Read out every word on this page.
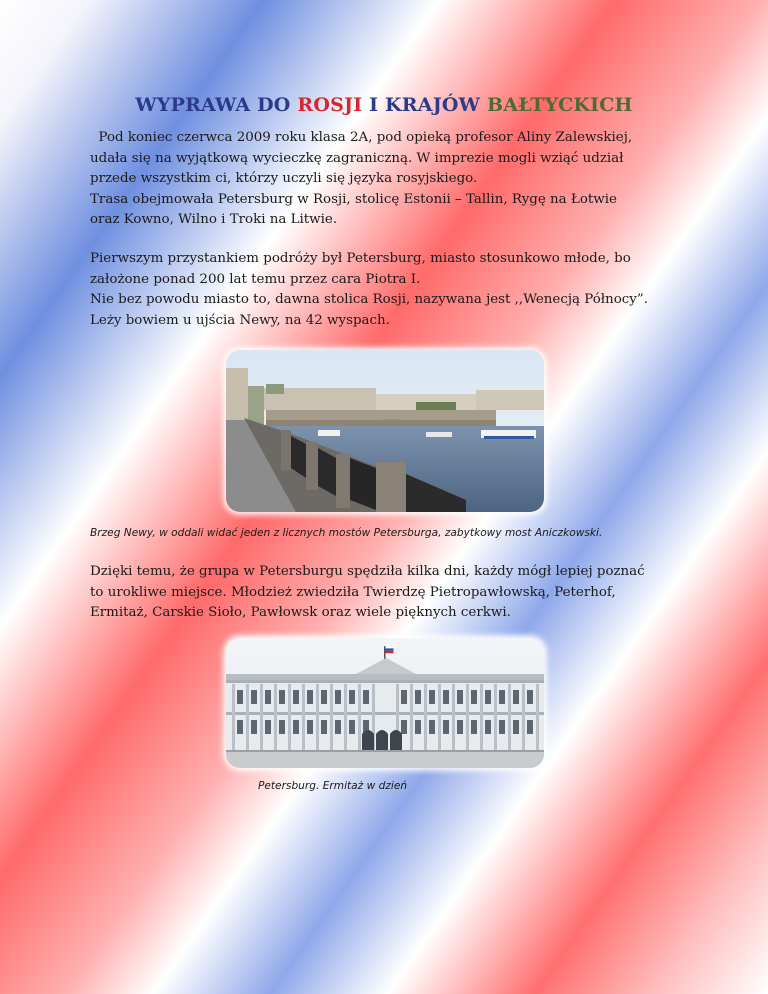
WYPRAWA DO ROSJI I KRAJÓW BAŁTYCKICH
Pod koniec czerwca 2009 roku klasa 2A, pod opieką profesor Aliny Zalewskiej,
udała się na wyjątkową wycieczkę zagraniczną. W imprezie mogli wziąć udział
przede wszystkim ci, którzy uczyli się języka rosyjskiego.
Trasa obejmowała Petersburg w Rosji, stolicę Estonii – Tallin, Rygę na Łotwie
oraz Kowno, Wilno i Troki na Litwie.
Pierwszym przystankiem podróży był Petersburg, miasto stosunkowo młode, bo
założone ponad 200 lat temu przez cara Piotra I.
Nie bez powodu miasto to, dawna stolica Rosji, nazywana jest ,,Wenecją Północy”.
Leży bowiem u ujścia Newy, na 42 wyspach.
Brzeg Newy, w oddali widać jeden z licznych mostów Petersburga, zabytkowy most Aniczkowski.
Dzięki temu, że grupa w Petersburgu spędziła kilka dni, każdy mógł lepiej poznać
to urokliwe miejsce. Młodzież zwiedziła Twierdzę Pietropawłowską, Peterhof,
Ermitaż, Carskie Sioło, Pawłowsk oraz wiele pięknych cerkwi.
Petersburg. Ermitaż w dzień
